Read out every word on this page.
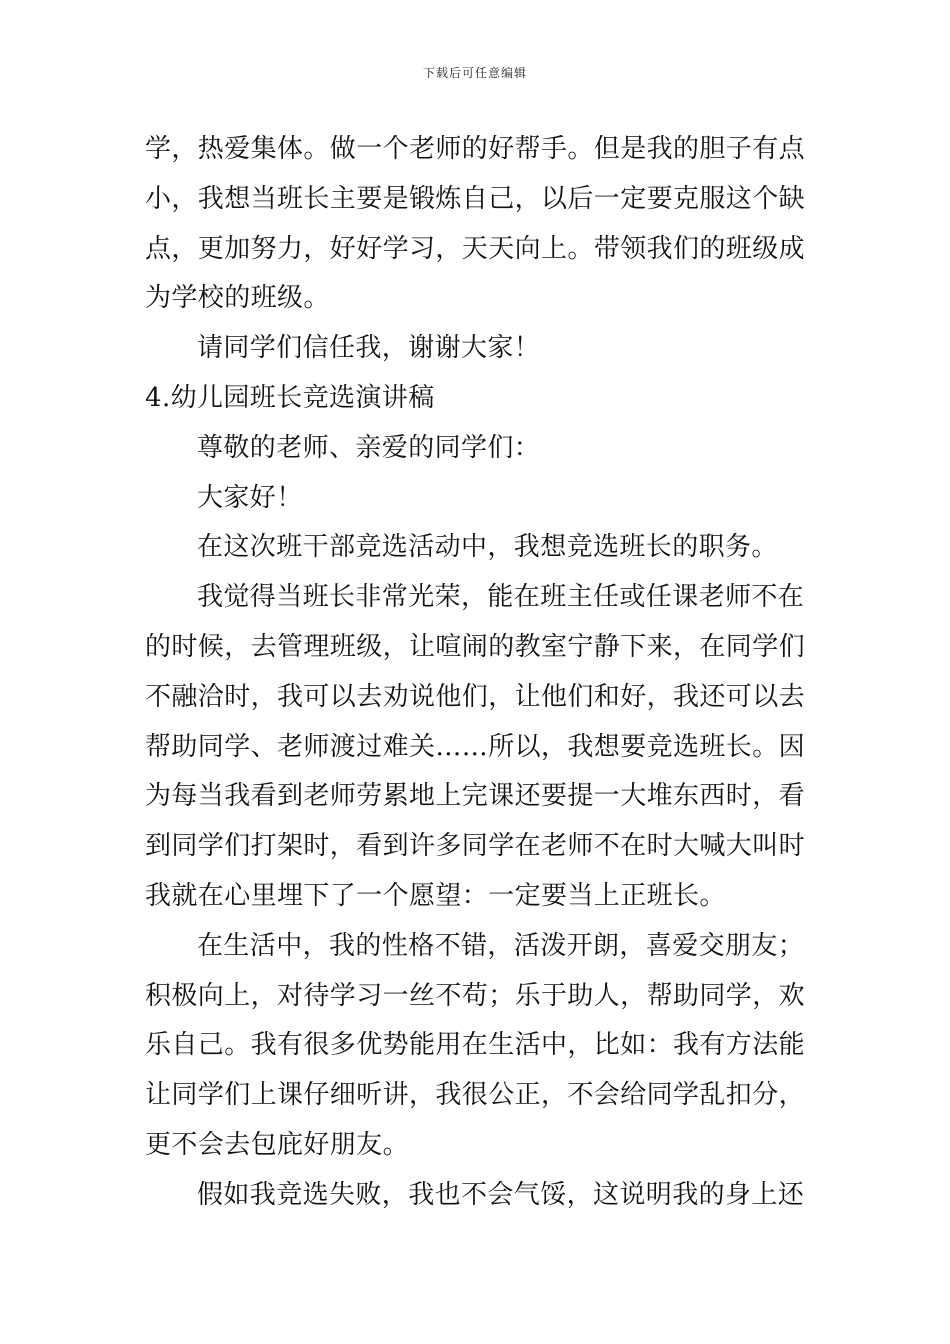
下载后可任意编辑
学，热爱集体。做一个老师的好帮手。但是我的胆子有点
小，我想当班长主要是锻炼自己，以后一定要克服这个缺
点，更加努力，好好学习，天天向上。带领我们的班级成
为学校的班级。
请同学们信任我，谢谢大家！
4.幼儿园班长竞选演讲稿
尊敬的老师、亲爱的同学们：
大家好！
在这次班干部竞选活动中，我想竞选班长的职务。
我觉得当班长非常光荣，能在班主任或任课老师不在
的时候，去管理班级，让喧闹的教室宁静下来，在同学们
不融洽时，我可以去劝说他们，让他们和好，我还可以去
帮助同学、老师渡过难关……所以，我想要竞选班长。因
为每当我看到老师劳累地上完课还要提一大堆东西时，看
到同学们打架时，看到许多同学在老师不在时大喊大叫时
我就在心里埋下了一个愿望：一定要当上正班长。
在生活中，我的性格不错，活泼开朗，喜爱交朋友；
积极向上，对待学习一丝不苟；乐于助人，帮助同学，欢
乐自己。我有很多优势能用在生活中，比如：我有方法能
让同学们上课仔细听讲，我很公正，不会给同学乱扣分，
更不会去包庇好朋友。
假如我竞选失败，我也不会气馁，这说明我的身上还
